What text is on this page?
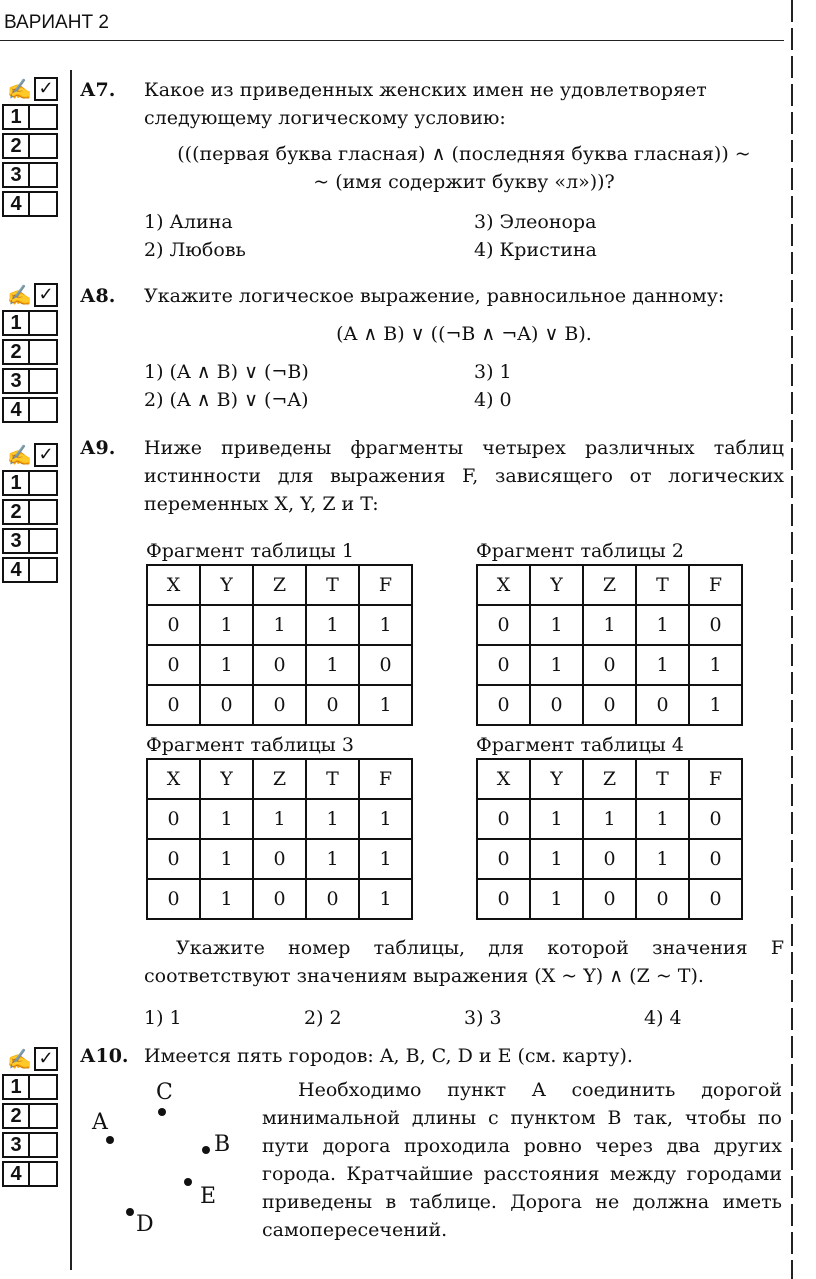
ВАРИАНТ 2
✍ ✓
1
2
3
4
✍ ✓
1
2
3
4
✍ ✓
1
2
3
4
✍ ✓
1
2
3
4
А7. Какое из приведенных женских имен не удовлетворяет следующему логическому условию:
(((первая буква гласная) ∧ (последняя буква гласная)) ~
~ (имя содержит букву «л»))?
1) Алина	3) Элеонора
2) Любовь	4) Кристина
А8. Укажите логическое выражение, равносильное данному:
(A ∧ B) ∨ ((¬B ∧ ¬A) ∨ B).
1) (A ∧ B) ∨ (¬B)	3) 1
2) (A ∧ B) ∨ (¬A)	4) 0
А9. Ниже приведены фрагменты четырех различных таблиц истинности для выражения F, зависящего от логических переменных X, Y, Z и T:
Фрагмент таблицы 1
X	Y	Z	T	F
0	1	1	1	1
0	1	0	1	0
0	0	0	0	1
Фрагмент таблицы 2
X	Y	Z	T	F
0	1	1	1	0
0	1	0	1	1
0	0	0	0	1
Фрагмент таблицы 3
X	Y	Z	T	F
0	1	1	1	1
0	1	0	1	1
0	1	0	0	1
Фрагмент таблицы 4
X	Y	Z	T	F
0	1	1	1	0
0	1	0	1	0
0	1	0	0	0
Укажите номер таблицы, для которой значения F соответствуют значениям выражения (X ~ Y) ∧ (Z ~ T).
1) 1	2) 2	3) 3	4) 4
А10. Имеется пять городов: A, B, C, D и E (см. карту).
A
C
B
E
D
Необходимо пункт A соединить дорогой минимальной длины с пунктом B так, чтобы по пути дорога проходила ровно через два других города. Кратчайшие расстояния между городами приведены в таблице. Дорога не должна иметь самопересечений.
